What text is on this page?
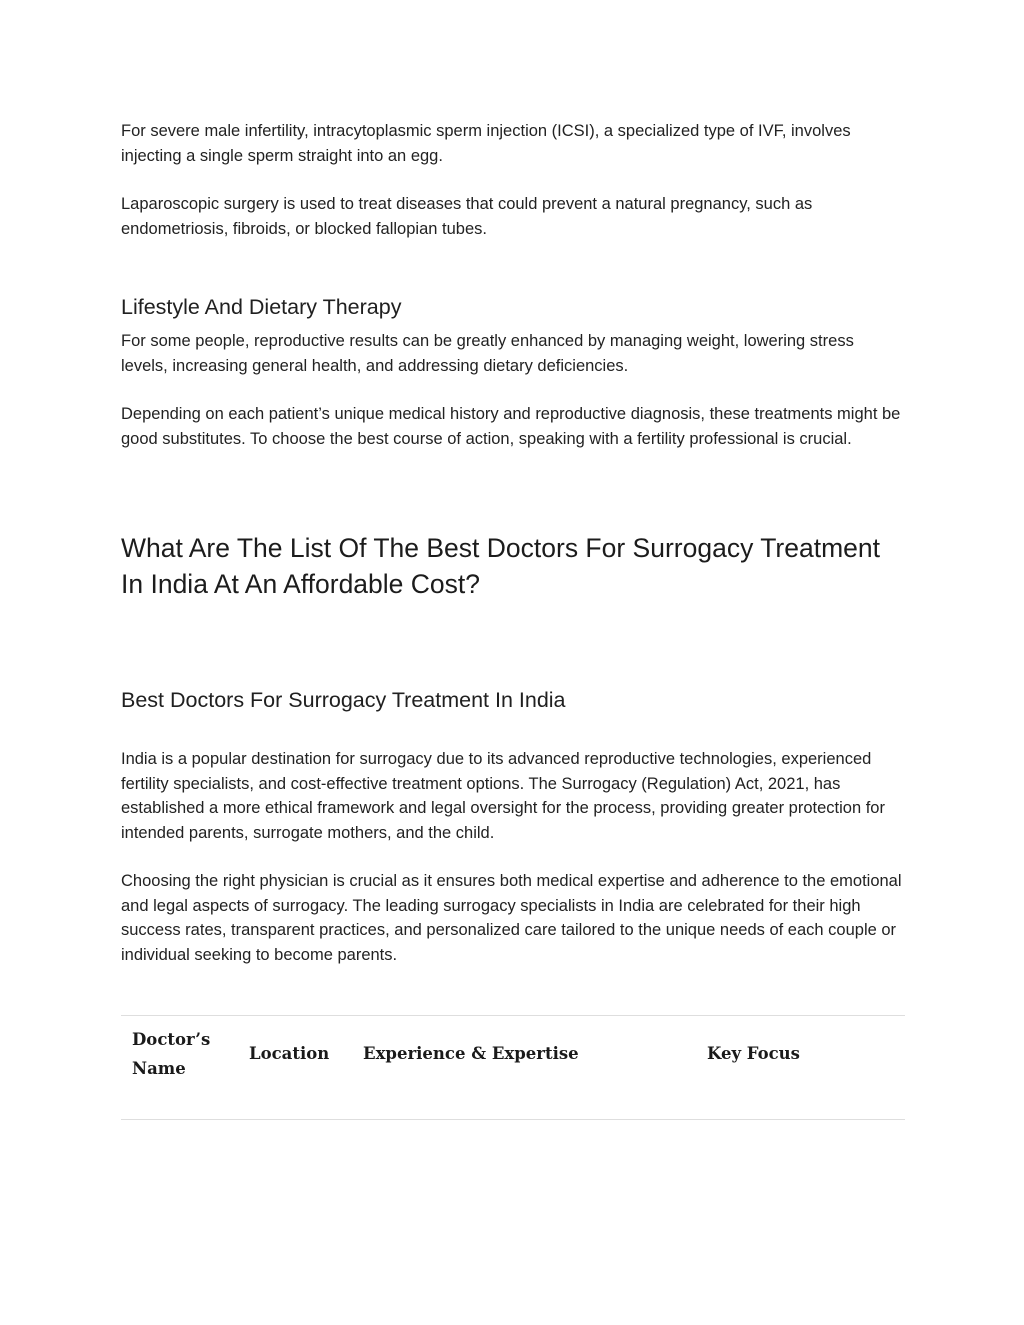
For severe male infertility, intracytoplasmic sperm injection (ICSI), a specialized type of IVF, involves injecting a single sperm straight into an egg.

Laparoscopic surgery is used to treat diseases that could prevent a natural pregnancy, such as endometriosis, fibroids, or blocked fallopian tubes.

Lifestyle And Dietary Therapy

For some people, reproductive results can be greatly enhanced by managing weight, lowering stress levels, increasing general health, and addressing dietary deficiencies.

Depending on each patient’s unique medical history and reproductive diagnosis, these treatments might be good substitutes. To choose the best course of action, speaking with a fertility professional is crucial.

What Are The List Of The Best Doctors For Surrogacy Treatment In India At An Affordable Cost?
Best Doctors For Surrogacy Treatment In India

India is a popular destination for surrogacy due to its advanced reproductive technologies, experienced fertility specialists, and cost-effective treatment options. The Surrogacy (Regulation) Act, 2021, has established a more ethical framework and legal oversight for the process, providing greater protection for intended parents, surrogate mothers, and the child.

Choosing the right physician is crucial as it ensures both medical expertise and adherence to the emotional and legal aspects of surrogacy. The leading surrogacy specialists in India are celebrated for their high success rates, transparent practices, and personalized care tailored to the unique needs of each couple or individual seeking to become parents.

Doctor’s Name
Location Experience & Expertise	Key Focus
